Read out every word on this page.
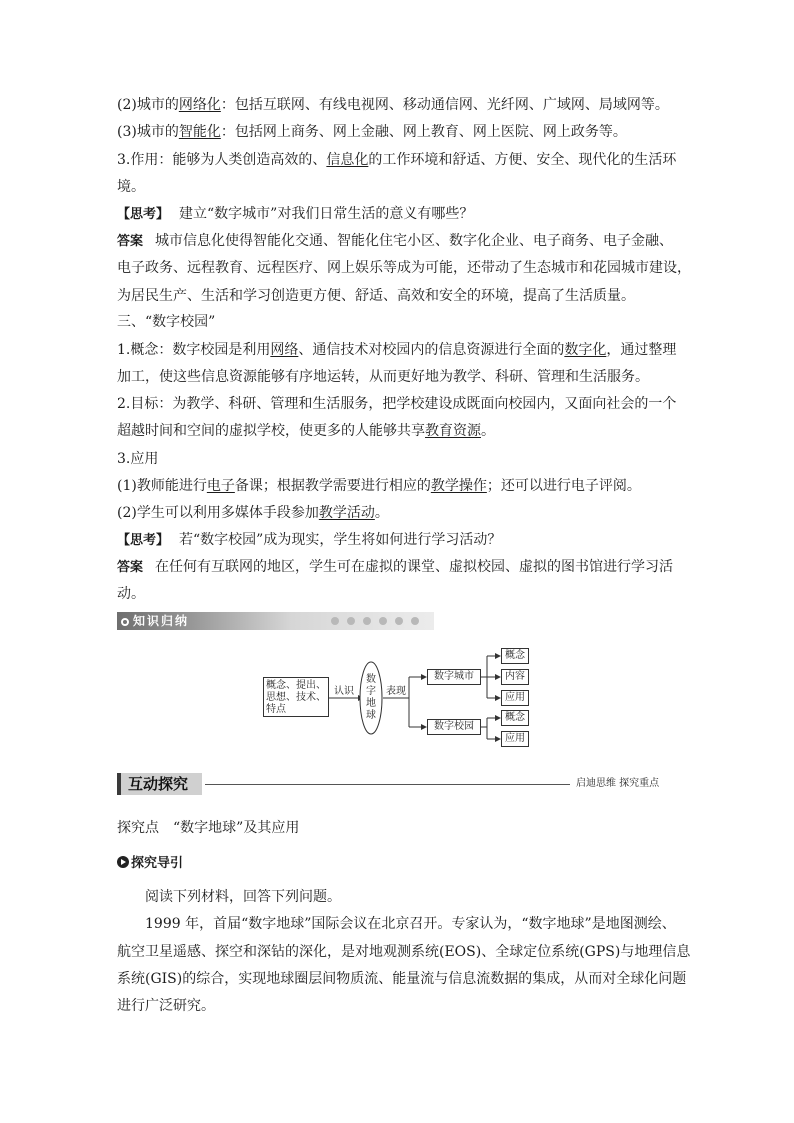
(2)城市的网络化：包括互联网、有线电视网、移动通信网、光纤网、广域网、局域网等。
(3)城市的智能化：包括网上商务、网上金融、网上教育、网上医院、网上政务等。
3.作用：能够为人类创造高效的、信息化的工作环境和舒适、方便、安全、现代化的生活环
境。
【思考】 建立“数字城市”对我们日常生活的意义有哪些？
答案 城市信息化使得智能化交通、智能化住宅小区、数字化企业、电子商务、电子金融、
电子政务、远程教育、远程医疗、网上娱乐等成为可能，还带动了生态城市和花园城市建设，
为居民生产、生活和学习创造更方便、舒适、高效和安全的环境，提高了生活质量。
三、“数字校园”
1.概念：数字校园是利用网络、通信技术对校园内的信息资源进行全面的数字化，通过整理
加工，使这些信息资源能够有序地运转，从而更好地为教学、科研、管理和生活服务。
2.目标：为教学、科研、管理和生活服务，把学校建设成既面向校园内，又面向社会的一个
超越时间和空间的虚拟学校，使更多的人能够共享教育资源。
3.应用
(1)教师能进行电子备课；根据教学需要进行相应的教学操作；还可以进行电子评阅。
(2)学生可以利用多媒体手段参加教学活动。
【思考】 若“数字校园”成为现实，学生将如何进行学习活动？
答案 在任何有互联网的地区，学生可在虚拟的课堂、虚拟校园、虚拟的图书馆进行学习活
动。
知识归纳
概念、提出、
思想、技术、
特点
认识
数
字
地
球
表现
数字城市
数字校园
概念
内容
应用
概念
应用
互动探究	启迪思维 探究重点
探究点　“数字地球”及其应用
探究导引
阅读下列材料，回答下列问题。
1999 年，首届“数字地球”国际会议在北京召开。专家认为，“数字地球”是地图测绘、
航空卫星遥感、探空和深钻的深化，是对地观测系统(EOS)、全球定位系统(GPS)与地理信息
系统(GIS)的综合，实现地球圈层间物质流、能量流与信息流数据的集成，从而对全球化问题
进行广泛研究。
